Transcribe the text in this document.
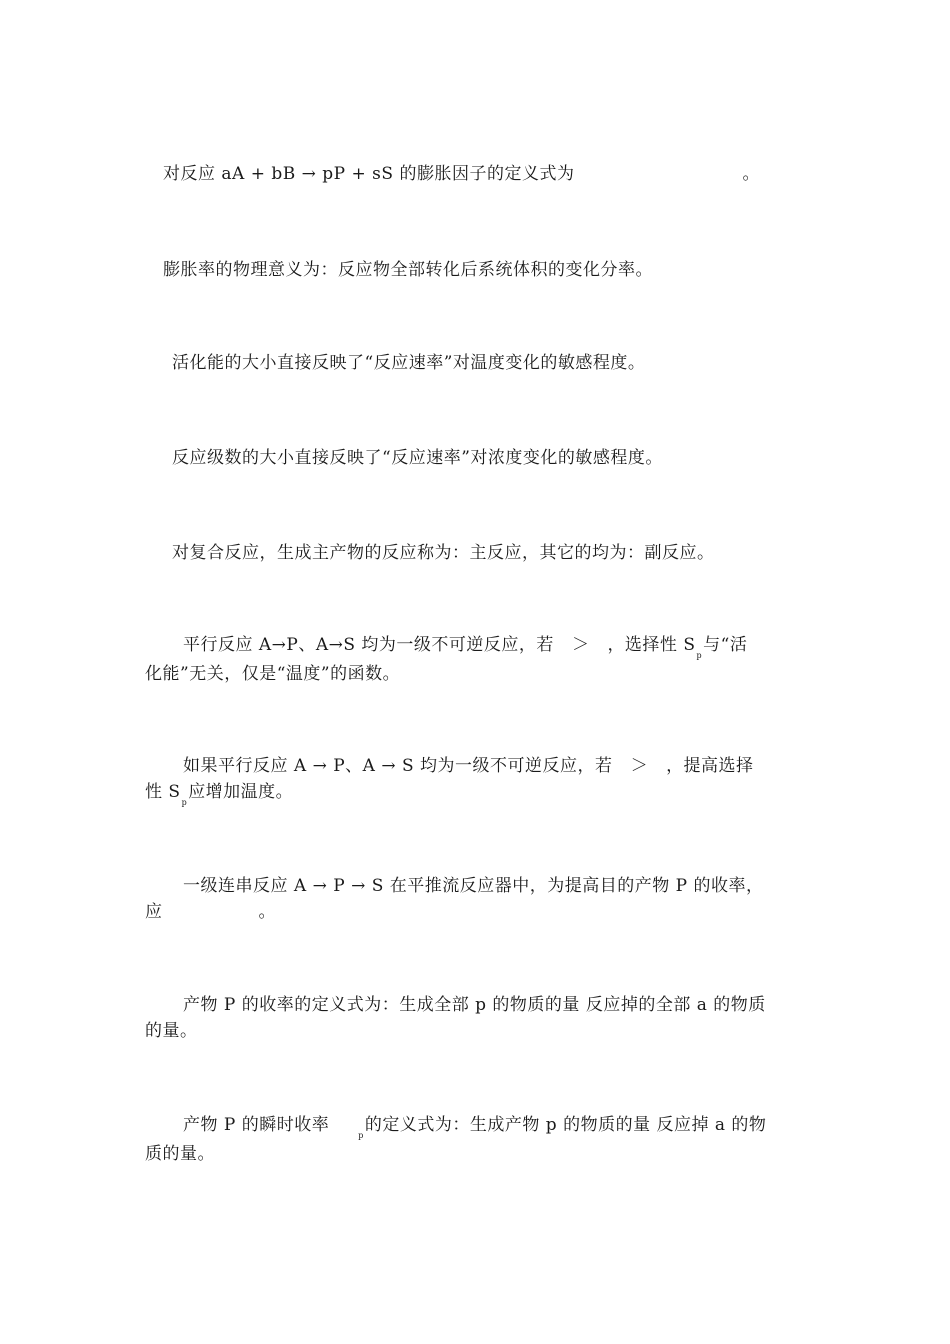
对反应 aA + bB → pP + sS 的膨胀因子的定义式为	。
膨胀率的物理意义为：反应物全部转化后系统体积的变化分率。
活化能的大小直接反映了“反应速率”对温度变化的敏感程度。
反应级数的大小直接反映了“反应速率”对浓度变化的敏感程度。
对复合反应，生成主产物的反应称为：主反应，其它的均为：副反应。
平行反应 A→P、A→S 均为一级不可逆反应，若 ＞ ，选择性 $S_p$与“活
化能”无关，仅是“温度”的函数。
如果平行反应 A → P、A → S 均为一级不可逆反应，若 ＞ ，提高选择
性 $S_p$应增加温度。
一级连串反应 A → P → S 在平推流反应器中，为提高目的产物 P 的收率，
应	。
产物 P 的收率的定义式为：生成全部 p 的物质的量 反应掉的全部 a 的物质
的量。
产物 P 的瞬时收率$_p$的定义式为：生成产物 p 的物质的量 反应掉 a 的物
质的量。
